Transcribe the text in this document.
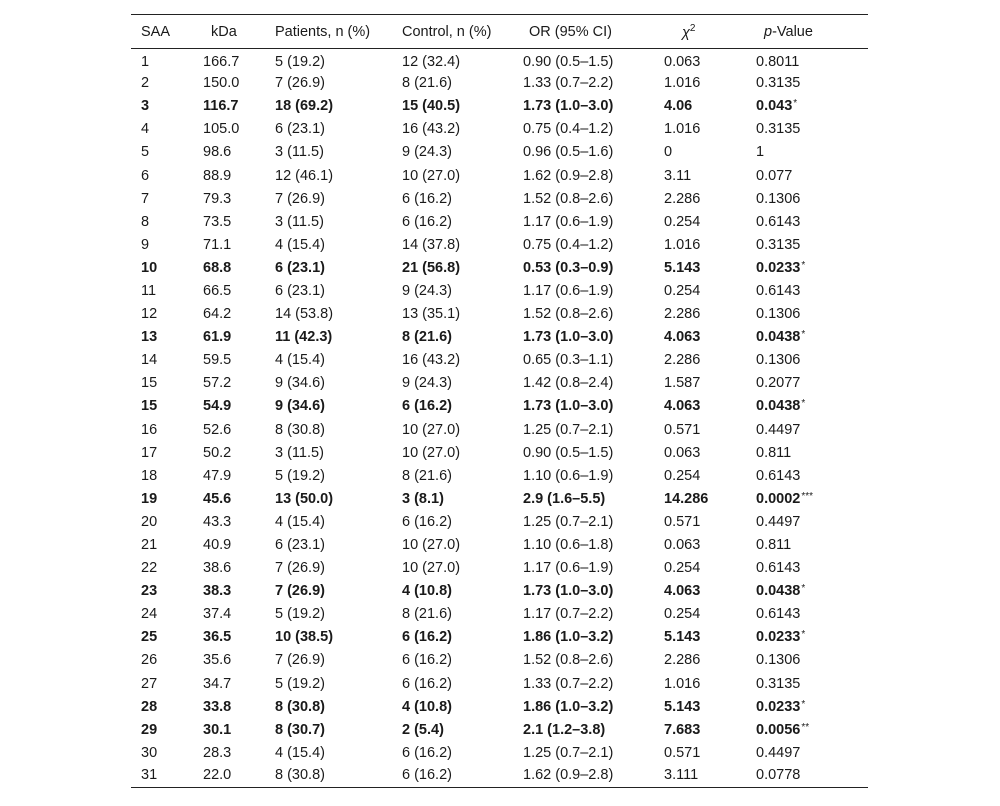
SAA	kDa	Patients, n (%)	Control, n (%)	OR (95% CI)	$\chi^2$	p-Value
1	166.7	5 (19.2)	12 (32.4)	0.90 (0.5–1.5)	0.063	0.8011
2	150.0	7 (26.9)	8 (21.6)	1.33 (0.7–2.2)	1.016	0.3135
3	116.7	18 (69.2)	15 (40.5)	1.73 (1.0–3.0)	4.06	0.043*
4	105.0	6 (23.1)	16 (43.2)	0.75 (0.4–1.2)	1.016	0.3135
5	98.6	3 (11.5)	9 (24.3)	0.96 (0.5–1.6)	0	1
6	88.9	12 (46.1)	10 (27.0)	1.62 (0.9–2.8)	3.11	0.077
7	79.3	7 (26.9)	6 (16.2)	1.52 (0.8–2.6)	2.286	0.1306
8	73.5	3 (11.5)	6 (16.2)	1.17 (0.6–1.9)	0.254	0.6143
9	71.1	4 (15.4)	14 (37.8)	0.75 (0.4–1.2)	1.016	0.3135
10	68.8	6 (23.1)	21 (56.8)	0.53 (0.3–0.9)	5.143	0.0233*
11	66.5	6 (23.1)	9 (24.3)	1.17 (0.6–1.9)	0.254	0.6143
12	64.2	14 (53.8)	13 (35.1)	1.52 (0.8–2.6)	2.286	0.1306
13	61.9	11 (42.3)	8 (21.6)	1.73 (1.0–3.0)	4.063	0.0438*
14	59.5	4 (15.4)	16 (43.2)	0.65 (0.3–1.1)	2.286	0.1306
15	57.2	9 (34.6)	9 (24.3)	1.42 (0.8–2.4)	1.587	0.2077
15	54.9	9 (34.6)	6 (16.2)	1.73 (1.0–3.0)	4.063	0.0438*
16	52.6	8 (30.8)	10 (27.0)	1.25 (0.7–2.1)	0.571	0.4497
17	50.2	3 (11.5)	10 (27.0)	0.90 (0.5–1.5)	0.063	0.811
18	47.9	5 (19.2)	8 (21.6)	1.10 (0.6–1.9)	0.254	0.6143
19	45.6	13 (50.0)	3 (8.1)	2.9 (1.6–5.5)	14.286	0.0002***
20	43.3	4 (15.4)	6 (16.2)	1.25 (0.7–2.1)	0.571	0.4497
21	40.9	6 (23.1)	10 (27.0)	1.10 (0.6–1.8)	0.063	0.811
22	38.6	7 (26.9)	10 (27.0)	1.17 (0.6–1.9)	0.254	0.6143
23	38.3	7 (26.9)	4 (10.8)	1.73 (1.0–3.0)	4.063	0.0438*
24	37.4	5 (19.2)	8 (21.6)	1.17 (0.7–2.2)	0.254	0.6143
25	36.5	10 (38.5)	6 (16.2)	1.86 (1.0–3.2)	5.143	0.0233*
26	35.6	7 (26.9)	6 (16.2)	1.52 (0.8–2.6)	2.286	0.1306
27	34.7	5 (19.2)	6 (16.2)	1.33 (0.7–2.2)	1.016	0.3135
28	33.8	8 (30.8)	4 (10.8)	1.86 (1.0–3.2)	5.143	0.0233*
29	30.1	8 (30.7)	2 (5.4)	2.1 (1.2–3.8)	7.683	0.0056**
30	28.3	4 (15.4)	6 (16.2)	1.25 (0.7–2.1)	0.571	0.4497
31	22.0	8 (30.8)	6 (16.2)	1.62 (0.9–2.8)	3.111	0.0778
